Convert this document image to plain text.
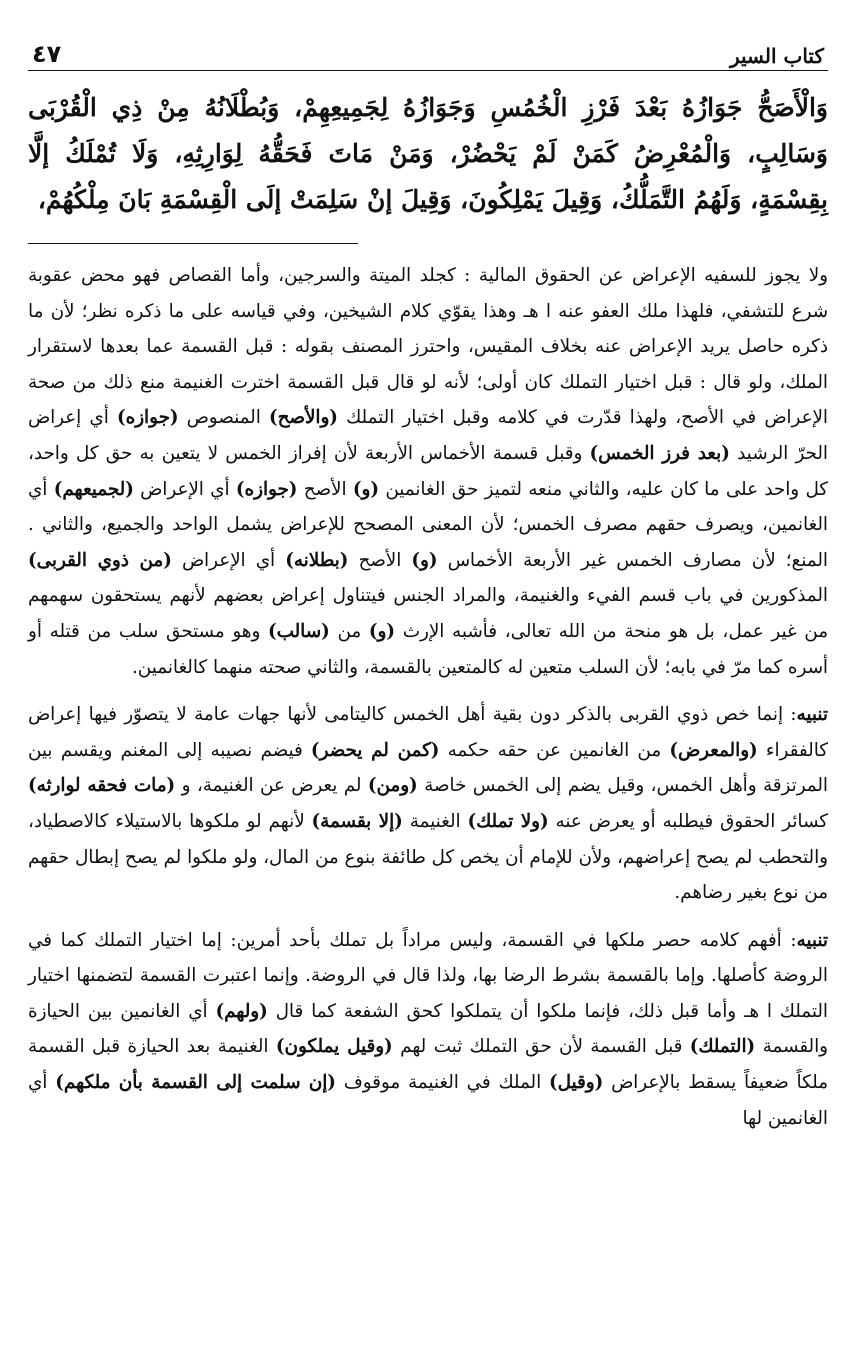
كتاب السير
٤٧

وَالْأَصَحُّ جَوَازُهُ بَعْدَ فَرْزِ الْخُمُسِ وَجَوَازُهُ لِجَمِيعِهِمْ، وَبُطْلَانُهُ مِنْ ذِي الْقُرْبَى وَسَالِبٍ، وَالْمُعْرِضُ كَمَنْ لَمْ يَحْضُرْ، وَمَنْ مَاتَ فَحَقُّهُ لِوَارِثِهِ، وَلَا تُمْلَكُ إلَّا بِقِسْمَةٍ، وَلَهُمُ التَّمَلُّكُ، وَقِيلَ يَمْلِكُونَ، وَقِيلَ إنْ سَلِمَتْ إلَى الْقِسْمَةِ بَانَ مِلْكُهُمْ،

ولا يجوز للسفيه الإعراض عن الحقوق المالية : كجلد الميتة والسرجين، وأما القصاص فهو محض عقوبة شرع للتشفي، فلهذا ملك العفو عنه ا هـ وهذا يقوّي كلام الشيخين، وفي قياسه على ما ذكره نظر؛ لأن ما ذكره حاصل يريد الإعراض عنه بخلاف المقيس، واحترز المصنف بقوله : قبل القسمة عما بعدها لاستقرار الملك، ولو قال : قبل اختيار التملك كان أولى؛ لأنه لو قال قبل القسمة اخترت الغنيمة منع ذلك من صحة الإعراض في الأصح، ولهذا قدّرت في كلامه وقبل اختيار التملك (والأصح) المنصوص (جوازه) أي إعراض الحرّ الرشيد (بعد فرز الخمس) وقبل قسمة الأخماس الأربعة لأن إفراز الخمس لا يتعين به حق كل واحد، كل واحد على ما كان عليه، والثاني منعه لتميز حق الغانمين (و) الأصح (جوازه) أي الإعراض (لجميعهم) أي الغانمين، ويصرف حقهم مصرف الخمس؛ لأن المعنى المصحح للإعراض يشمل الواحد والجميع، والثاني . المنع؛ لأن مصارف الخمس غير الأربعة الأخماس (و) الأصح (بطلانه) أي الإعراض (من ذوي القربى) المذكورين في باب قسم الفيء والغنيمة، والمراد الجنس فيتناول إعراض بعضهم لأنهم يستحقون سهمهم من غير عمل، بل هو منحة من الله تعالى، فأشبه الإرث (و) من (سالب) وهو مستحق سلب من قتله أو أسره كما مرّ في بابه؛ لأن السلب متعين له كالمتعين بالقسمة، والثاني صحته منهما كالغانمين.

تنبيه: إنما خص ذوي القربى بالذكر دون بقية أهل الخمس كاليتامى لأنها جهات عامة لا يتصوّر فيها إعراض كالفقراء (والمعرض) من الغانمين عن حقه حكمه (كمن لم يحضر) فيضم نصيبه إلى المغنم ويقسم بين المرتزقة وأهل الخمس، وقيل يضم إلى الخمس خاصة (ومن) لم يعرض عن الغنيمة، و (مات فحقه لوارثه) كسائر الحقوق فيطلبه أو يعرض عنه (ولا تملك) الغنيمة (إلا بقسمة) لأنهم لو ملكوها بالاستيلاء كالاصطياد، والتحطب لم يصح إعراضهم، ولأن للإمام أن يخص كل طائفة بنوع من المال، ولو ملكوا لم يصح إبطال حقهم من نوع بغير رضاهم.

تنبيه: أفهم كلامه حصر ملكها في القسمة، وليس مراداً بل تملك بأحد أمرين: إما اختيار التملك كما في الروضة كأصلها. وإما بالقسمة بشرط الرضا بها، ولذا قال في الروضة. وإنما اعتبرت القسمة لتضمنها اختيار التملك ا هـ وأما قبل ذلك، فإنما ملكوا أن يتملكوا كحق الشفعة كما قال (ولهم) أي الغانمين بين الحيازة والقسمة (التملك) قبل القسمة لأن حق التملك ثبت لهم (وقيل يملكون) الغنيمة بعد الحيازة قبل القسمة ملكاً ضعيفاً يسقط بالإعراض (وقيل) الملك في الغنيمة موقوف (إن سلمت إلى القسمة بأن ملكهم) أي الغانمين لها
